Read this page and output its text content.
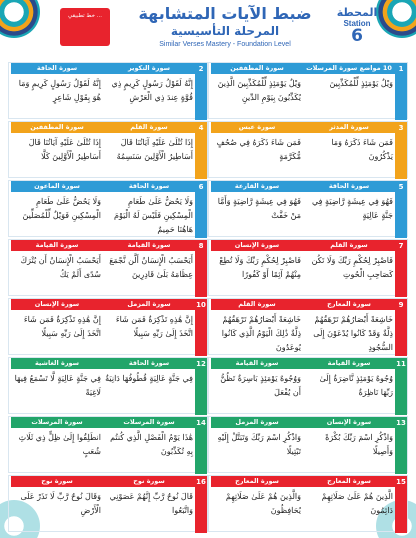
خط تطبيقي ...	ضبط الآيات المتشابهة
المرحلة التأسيسية
Similar Verses Mastery - Foundation Level
المحطة
Station
6
1
10 مواضع سورة المرسلات
وَيْلٌ يَوْمَئِذٍ لِّلْمُكَذِّبِينَ
سورة المطففين
وَيْلٌ يَوْمَئِذٍ لِّلْمُكَذِّبِينَ الَّذِينَ يُكَذِّبُونَ بِيَوْمِ الدِّينِ
2
سورة التكوير
إِنَّهُ لَقَوْلُ رَسُولٍ كَرِيمٍ ذِي قُوَّةٍ عِندَ ذِي الْعَرْشِ
سورة الحاقة
إِنَّهُ لَقَوْلُ رَسُولٍ كَرِيمٍ وَمَا هُوَ بِقَوْلِ شَاعِرٍ
3
سورة المدثر
فَمَن شَاءَ ذَكَرَهُ وَمَا يَذْكُرُونَ
سورة عبس
فَمَن شَاءَ ذَكَرَهُ فِي صُحُفٍ مُّكَرَّمَةٍ
4
سورة القلم
إِذَا تُتْلَىٰ عَلَيْهِ آيَاتُنَا قَالَ أَسَاطِيرُ الْأَوَّلِينَ سَنَسِمُهُ
سورة المطففين
إِذَا تُتْلَىٰ عَلَيْهِ آيَاتُنَا قَالَ أَسَاطِيرُ الْأَوَّلِينَ كَلَّا
5
سورة الحاقة
فَهُوَ فِي عِيشَةٍ رَّاضِيَةٍ فِي جَنَّةٍ عَالِيَةٍ
سورة القارعة
فَهُوَ فِي عِيشَةٍ رَّاضِيَةٍ وَأَمَّا مَنْ خَفَّتْ
6
سورة الحاقة
وَلَا يَحُضُّ عَلَىٰ طَعَامِ الْمِسْكِينِ فَلَيْسَ لَهُ الْيَوْمَ هَاهُنَا حَمِيمٌ
سورة الماعون
وَلَا يَحُضُّ عَلَىٰ طَعَامِ الْمِسْكِينِ فَوَيْلٌ لِّلْمُصَلِّينَ
7
سورة القلم
فَاصْبِرْ لِحُكْمِ رَبِّكَ وَلَا تَكُن كَصَاحِبِ الْحُوتِ
سورة الإنسان
فَاصْبِرْ لِحُكْمِ رَبِّكَ وَلَا تُطِعْ مِنْهُمْ آثِمًا أَوْ كَفُورًا
8
سورة القيامة
أَيَحْسَبُ الْإِنسَانُ أَلَّن نَّجْمَعَ عِظَامَهُ بَلَىٰ قَادِرِينَ
سورة القيامة
أَيَحْسَبُ الْإِنسَانُ أَن يُتْرَكَ سُدًى أَلَمْ يَكُ
9
سورة المعارج
خَاشِعَةً أَبْصَارُهُمْ تَرْهَقُهُمْ ذِلَّةٌ وَقَدْ كَانُوا يُدْعَوْنَ إِلَى السُّجُودِ
سورة القلم
خَاشِعَةً أَبْصَارُهُمْ تَرْهَقُهُمْ ذِلَّةٌ ذَٰلِكَ الْيَوْمُ الَّذِي كَانُوا يُوعَدُونَ
10
سورة المزمل
إِنَّ هَٰذِهِ تَذْكِرَةٌ فَمَن شَاءَ اتَّخَذَ إِلَىٰ رَبِّهِ سَبِيلًا
سورة الإنسان
إِنَّ هَٰذِهِ تَذْكِرَةٌ فَمَن شَاءَ اتَّخَذَ إِلَىٰ رَبِّهِ سَبِيلًا
11
سورة القيامة
وُجُوهٌ يَوْمَئِذٍ نَّاضِرَةٌ إِلَىٰ رَبِّهَا نَاظِرَةٌ
سورة القيامة
وَوُجُوهٌ يَوْمَئِذٍ بَاسِرَةٌ تَظُنُّ أَن يُفْعَلَ
12
سورة الحاقة
فِي جَنَّةٍ عَالِيَةٍ قُطُوفُهَا دَانِيَةٌ
سورة الغاشية
فِي جَنَّةٍ عَالِيَةٍ لَّا تَسْمَعُ فِيهَا لَاغِيَةً
13
سورة الإنسان
وَاذْكُرِ اسْمَ رَبِّكَ بُكْرَةً وَأَصِيلًا
سورة المزمل
وَاذْكُرِ اسْمَ رَبِّكَ وَتَبَتَّلْ إِلَيْهِ تَبْتِيلًا
14
سورة المرسلات
هَٰذَا يَوْمُ الْفَصْلِ الَّذِي كُنتُم بِهِ تُكَذِّبُونَ
سورة المرسلات
انطَلِقُوا إِلَىٰ ظِلٍّ ذِي ثَلَاثِ شُعَبٍ
15
سورة المعارج
الَّذِينَ هُمْ عَلَىٰ صَلَاتِهِمْ دَائِمُونَ
سورة المعارج
وَالَّذِينَ هُمْ عَلَىٰ صَلَاتِهِمْ يُحَافِظُونَ
16
سورة نوح
قَالَ نُوحٌ رَّبِّ إِنَّهُمْ عَصَوْنِي وَاتَّبَعُوا
سورة نوح
وَقَالَ نُوحٌ رَّبِّ لَا تَذَرْ عَلَى الْأَرْضِ
